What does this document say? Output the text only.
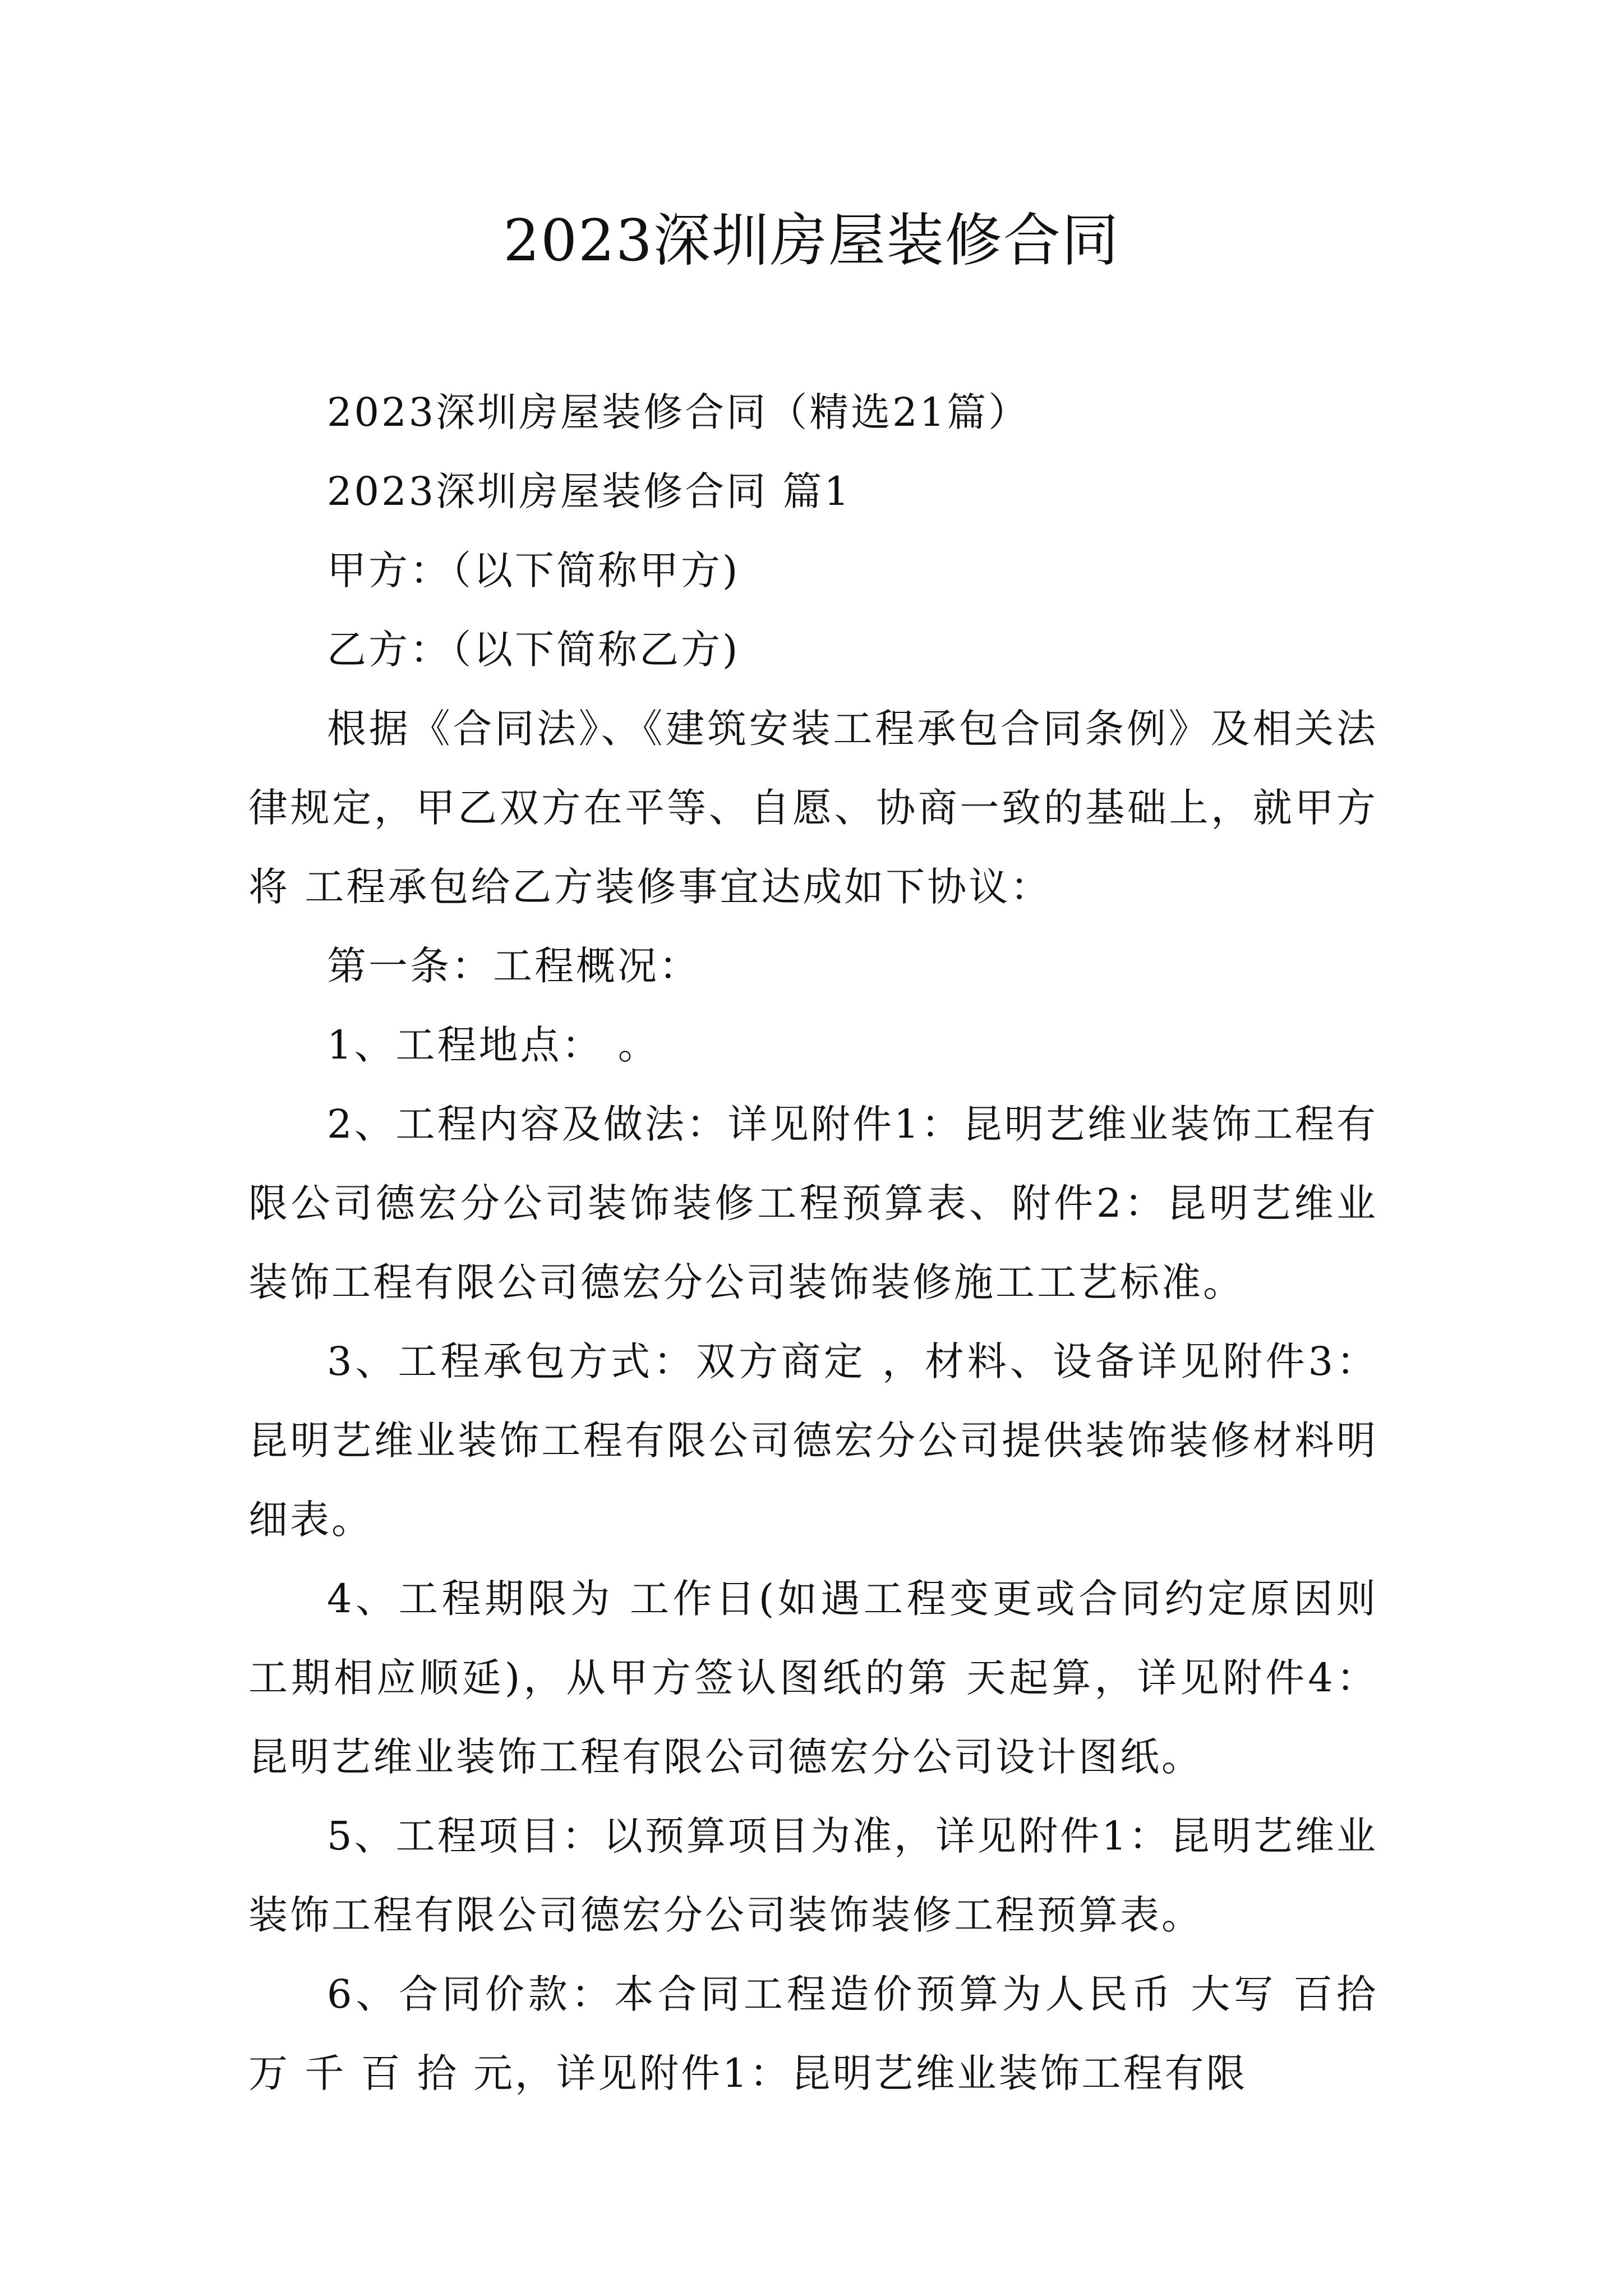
2023深圳房屋装修合同

2023深圳房屋装修合同（精选21篇）

2023深圳房屋装修合同 篇1

甲方：（以下简称甲方)

乙方：（以下简称乙方)

根据《合同法》、《建筑安装工程承包合同条例》及相关法律规定，甲乙双方在平等、自愿、协商一致的基础上，就甲方将 工程承包给乙方装修事宜达成如下协议：

第一条：工程概况：

1、工程地点： 。

2、工程内容及做法：详见附件1：昆明艺维业装饰工程有限公司德宏分公司装饰装修工程预算表、附件2：昆明艺维业装饰工程有限公司德宏分公司装饰装修施工工艺标准。

3、工程承包方式：双方商定 ，材料、设备详见附件3：昆明艺维业装饰工程有限公司德宏分公司提供装饰装修材料明细表。

4、工程期限为 工作日(如遇工程变更或合同约定原因则工期相应顺延)，从甲方签认图纸的第 天起算，详见附件4：昆明艺维业装饰工程有限公司德宏分公司设计图纸。

5、工程项目：以预算项目为准，详见附件1：昆明艺维业装饰工程有限公司德宏分公司装饰装修工程预算表。

6、合同价款：本合同工程造价预算为人民币 大写 百拾 万 千 百 拾 元，详见附件1：昆明艺维业装饰工程有限
